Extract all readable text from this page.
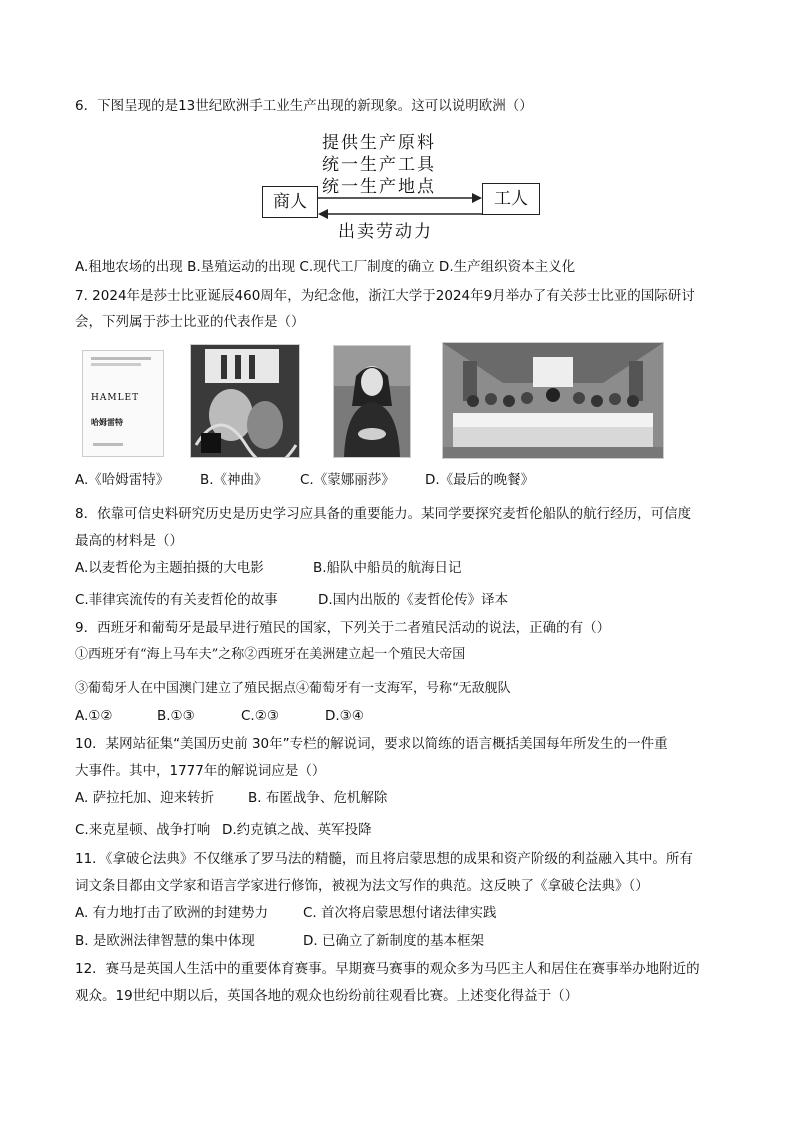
6．下图呈现的是13世纪欧洲手工业生产出现的新现象。这可以说明欧洲（）
提供生产原料
统一生产工具
统一生产地点
商人	工人
出卖劳动力
A.租地农场的出现 B.垦殖运动的出现 C.现代工厂制度的确立 D.生产组织资本主义化
7. 2024年是莎士比亚诞辰460周年，为纪念他，浙江大学于2024年9月举办了有关莎士比亚的国际研讨
会，下列属于莎士比亚的代表作是（）
HAMLET
哈姆雷特
A.《哈姆雷特》 B.《神曲》 C.《蒙娜丽莎》 D.《最后的晚餐》
8．依靠可信史料研究历史是历史学习应具备的重要能力。某同学要探究麦哲伦船队的航行经历，可信度
最高的材料是（）
A.以麦哲伦为主题拍摄的大电影	B.船队中船员的航海日记
C.菲律宾流传的有关麦哲伦的故事	D.国内出版的《麦哲伦传》译本
9．西班牙和葡萄牙是最早进行殖民的国家，下列关于二者殖民活动的说法，正确的有（）
①西班牙有“海上马车夫”之称②西班牙在美洲建立起一个殖民大帝国
③葡萄牙人在中国澳门建立了殖民据点④葡萄牙有一支海军，号称“无敌舰队
A.①②	B.①③	C.②③	D.③④
10．某网站征集“美国历史前 30年”专栏的解说词，要求以简练的语言概括美国每年所发生的一件重
大事件。其中，1777年的解说词应是（）
A. 萨拉托加、迎来转折	B. 布匿战争、危机解除
C.来克星顿、战争打响 D.约克镇之战、英军投降
11．《拿破仑法典》不仅继承了罗马法的精髓，而且将启蒙思想的成果和资产阶级的利益融入其中。所有
词文条目都由文学家和语言学家进行修饰，被视为法文写作的典范。这反映了《拿破仑法典》（）
A. 有力地打击了欧洲的封建势力	C. 首次将启蒙思想付诸法律实践
B. 是欧洲法律智慧的集中体现	D. 已确立了新制度的基本框架
12．赛马是英国人生活中的重要体育赛事。早期赛马赛事的观众多为马匹主人和居住在赛事举办地附近的
观众。19世纪中期以后，英国各地的观众也纷纷前往观看比赛。上述变化得益于（）
